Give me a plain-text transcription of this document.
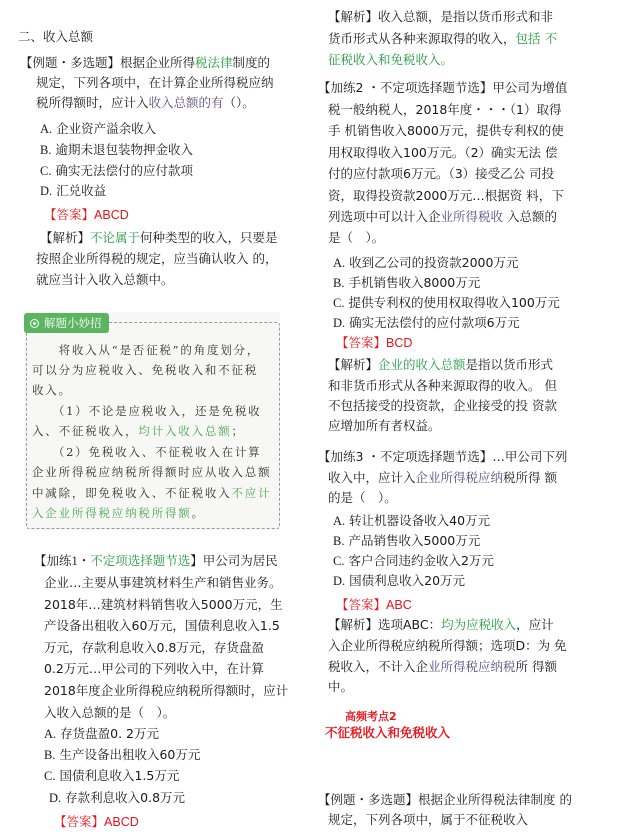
二、收入总额
【例题・多选题】根据企业所得税法律制度的
规定，下列各项中，在计算企业所得税应纳
税所得额时，应计入收入总额的有（）。
A. 企业资产溢余收入
B. 逾期未退包装物押金收入
C. 确实无法偿付的应付款项
D. 汇兑收益
【答案】ABCD
【解析】不论属于何种类型的收入，只要是
按照企业所得税的规定，应当确认收入 的，
就应当计入收入总额中。
解题小妙招
　　将收入从“是否征税”的角度划分，
可以分为应税收入、免税收入和不征税
收入。
　　（1）不论是应税收入，还是免税收
入、不征税收入，均计入收入总额；
　　（2）免税收入、不征税收入在计算
企业所得税应纳税所得额时应从收入总额
中减除，即免税收入、不征税收入不应计
入企业所得税应纳税所得额。
【加练1・不定项选择题节选】甲公司为居民
企业…主要从事建筑材料生产和销售业务。
2018年…建筑材料销售收入5000万元，生
产设备出租收入60万元，国债利息收入1.5
万元，存款利息收入0.8万元，存货盘盈
0.2万元…甲公司的下列收入中，在计算
2018年度企业所得税应纳税所得额时，应计
入收入总额的是（　）。
A. 存货盘盈0. 2万元
B. 生产设备出租收入60万元
C. 国债利息收入1.5万元
D. 存款利息收入0.8万元
【答案】ABCD
【解析】收入总额，是指以货币形式和非
货币形式从各种来源取得的收入，包括 不
征税收入和免税收入。
【加练2 ・不定项选择题节选】甲公司为增值
税一般纳税人，2018年度・・・（1）取得
手 机销售收入8000万元，提供专利权的使
用权取得收入100万元。（2）确实无法 偿
付的应付款项6万元。（3）接受乙公 司投
资，取得投资款2000万元…根据资 料，下
列选项中可以计入企业所得税收 入总额的
是（　）。
A. 收到乙公司的投资款2000万元
B. 手机销售收入8000万元
C. 提供专利权的使用权取得收入100万元
D. 确实无法偿付的应付款项6万元
【答案】BCD
【解析】企业的收入总额是指以货币形式
和非货币形式从各种来源取得的收入。 但
不包括接受的投资款，企业接受的投 资款
应增加所有者权益。
【加练3 ・不定项选择题节选】…甲公司下列
收入中，应计入企业所得税应纳税所得 额
的是（　）。
A. 转让机器设备收入40万元
B. 产品销售收入5000万元
C. 客户合同违约金收入2万元
D. 国债利息收入20万元
【答案】ABC
【解析】选项ABC：均为应税收入，应计
入企业所得税应纳税所得额；选项D：为 免
税收入，不计入企业所得税应纳税所 得额
中。
高频考点2
不征税收入和免税收入
【例题・多选题】根据企业所得税法律制度 的
规定，下列各项中，属于不征税收入
